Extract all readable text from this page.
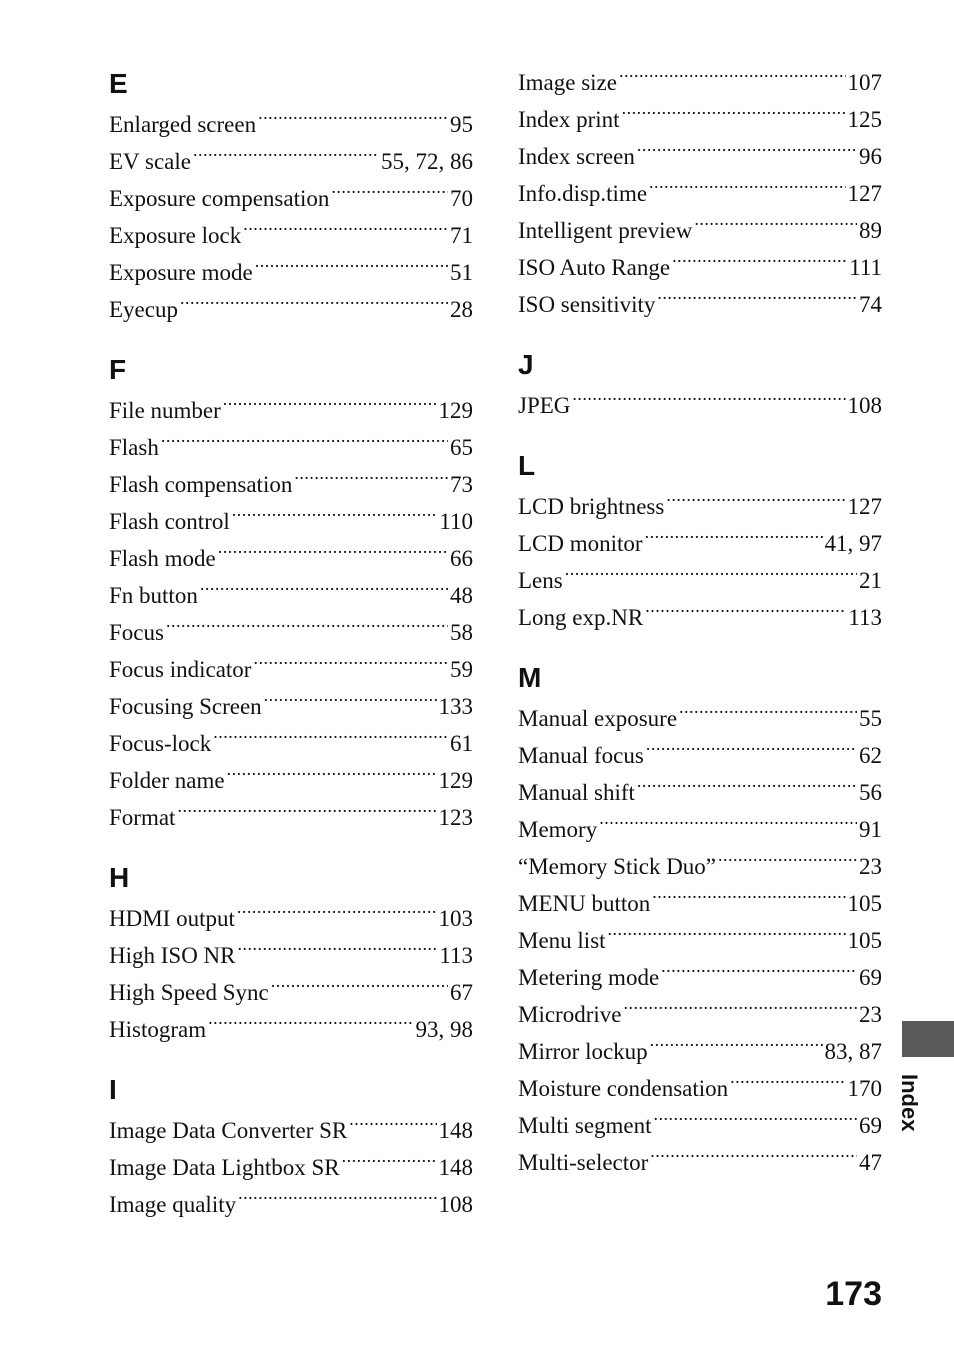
E
Enlarged screen .....	95
EV scale .....	55, 72, 86
Exposure compensation .....	70
Exposure lock .....	71
Exposure mode .....	51
Eyecup .....	28
F
File number .....	129
Flash .....	65
Flash compensation .....	73
Flash control .....	110
Flash mode .....	66
Fn button .....	48
Focus .....	58
Focus indicator .....	59
Focusing Screen .....	133
Focus-lock .....	61
Folder name .....	129
Format .....	123
H
HDMI output .....	103
High ISO NR .....	113
High Speed Sync .....	67
Histogram .....	93, 98
I
Image Data Converter SR .....	148
Image Data Lightbox SR .....	148
Image quality .....	108
Image size .....	107
Index print .....	125
Index screen .....	96
Info.disp.time .....	127
Intelligent preview .....	89
ISO Auto Range .....	111
ISO sensitivity .....	74
J
JPEG .....	108
L
LCD brightness .....	127
LCD monitor .....	41, 97
Lens .....	21
Long exp.NR .....	113
M
Manual exposure .....	55
Manual focus .....	62
Manual shift .....	56
Memory .....	91
“Memory Stick Duo” .....	23
MENU button .....	105
Menu list .....	105
Metering mode .....	69
Microdrive .....	23
Mirror lockup .....	83, 87
Moisture condensation .....	170
Multi segment .....	69
Multi-selector .....	47
Index
173
